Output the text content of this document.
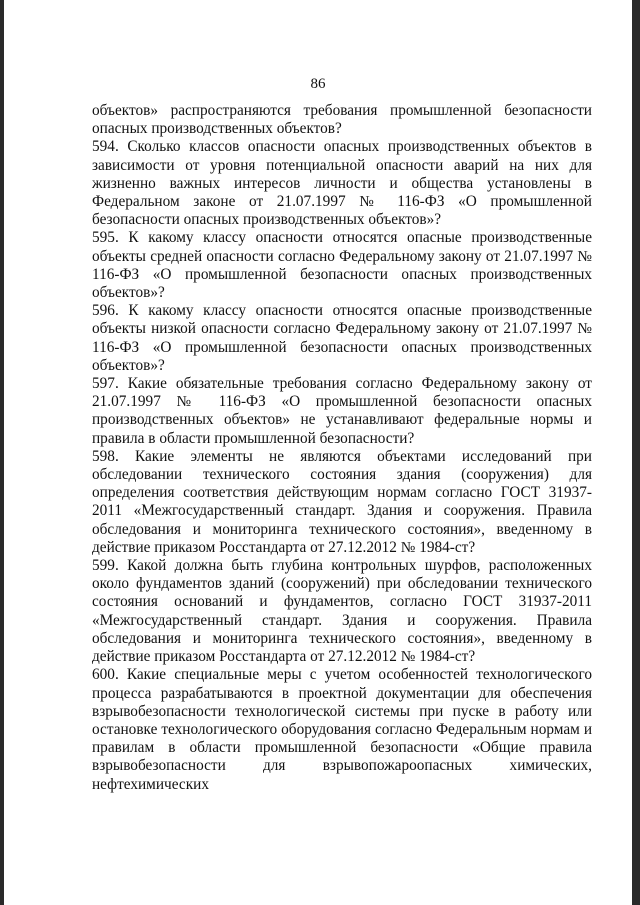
86

объектов» распространяются требования промышленной безопасности опасных производственных объектов?

594. Сколько классов опасности опасных производственных объектов в зависимости от уровня потенциальной опасности аварий на них для жизненно важных интересов личности и общества установлены в Федеральном законе от 21.07.1997 № 116-ФЗ «О промышленной безопасности опасных производственных объектов»?

595. К какому классу опасности относятся опасные производственные объекты средней опасности согласно Федеральному закону от 21.07.1997 № 116-ФЗ «О промышленной безопасности опасных производственных объектов»?

596. К какому классу опасности относятся опасные производственные объекты низкой опасности согласно Федеральному закону от 21.07.1997 № 116-ФЗ «О промышленной безопасности опасных производственных объектов»?

597. Какие обязательные требования согласно Федеральному закону от 21.07.1997 № 116-ФЗ «О промышленной безопасности опасных производственных объектов» не устанавливают федеральные нормы и правила в области промышленной безопасности?

598. Какие элементы не являются объектами исследований при обследовании технического состояния здания (сооружения) для определения соответствия действующим нормам согласно ГОСТ 31937-2011 «Межгосударственный стандарт. Здания и сооружения. Правила обследования и мониторинга технического состояния», введенному в действие приказом Росстандарта от 27.12.2012 № 1984-ст?

599. Какой должна быть глубина контрольных шурфов, расположенных около фундаментов зданий (сооружений) при обследовании технического состояния оснований и фундаментов, согласно ГОСТ 31937-2011 «Межгосударственный стандарт. Здания и сооружения. Правила обследования и мониторинга технического состояния», введенному в действие приказом Росстандарта от 27.12.2012 № 1984-ст?

600. Какие специальные меры с учетом особенностей технологического процесса разрабатываются в проектной документации для обеспечения взрывобезопасности технологической системы при пуске в работу или остановке технологического оборудования согласно Федеральным нормам и правилам в области промышленной безопасности «Общие правила взрывобезопасности для взрывопожароопасных химических, нефтехимических
